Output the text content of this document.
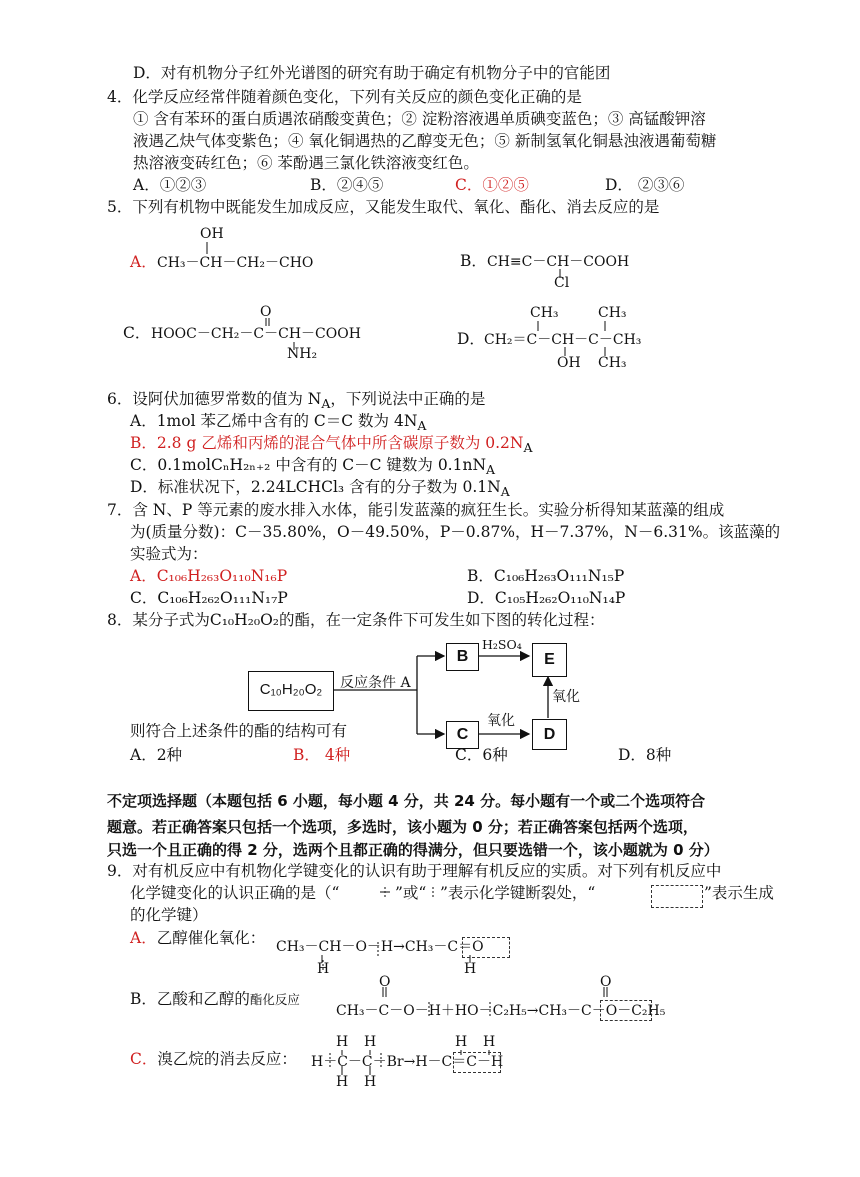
D．对有机物分子红外光谱图的研究有助于确定有机物分子中的官能团
4．化学反应经常伴随着颜色变化，下列有关反应的颜色变化正确的是
① 含有苯环的蛋白质遇浓硝酸变黄色；② 淀粉溶液遇单质碘变蓝色；③ 高锰酸钾溶
液遇乙炔气体变紫色；④ 氧化铜遇热的乙醇变无色；⑤ 新制氢氧化铜悬浊液遇葡萄糖
热溶液变砖红色；⑥ 苯酚遇三氯化铁溶液变红色。
A．①②③	B．②④⑤	C．①②⑤	D． ②③⑥
5．下列有机物中既能发生加成反应，又能发生取代、氧化、酯化、消去反应的是
OH
A． CH₃－CH－CH₂－CHO	B． CH≡C－CH－COOH
Cl
O
C． HOOC－CH₂－C－CH－COOH
NH₂
CH₃	CH₃
D． CH₂＝C－CH－C－CH₃
OH CH₃
6．设阿伏加德罗常数的值为 $N_A$，下列说法中正确的是
A．1mol 苯乙烯中含有的 C＝C 数为 $4N_A$
B．2.8 g 乙烯和丙烯的混合气体中所含碳原子数为 $0.2N_A$
C．0.1molCₙH₂ₙ₊₂ 中含有的 C－C 键数为 $0.1nN_A$
D．标准状况下，2.24LCHCl₃ 含有的分子数为 $0.1N_A$
7．含 N、P 等元素的废水排入水体，能引发蓝藻的疯狂生长。实验分析得知某蓝藻的组成
为(质量分数)：C－35.80%，O－49.50%，P－0.87%，H－7.37%，N－6.31%。该蓝藻的
实验式为：
A．C₁₀₆H₂₆₃O₁₁₀N₁₆P	B．C₁₀₆H₂₆₃O₁₁₁N₁₅P
C．C₁₀₆H₂₆₂O₁₁₁N₁₇P	D．C₁₀₅H₂₆₂O₁₁₀N₁₄P
8．某分子式为C₁₀H₂₀O₂的酯，在一定条件下可发生如下图的转化过程：
C₁₀H₂₀O₂	反应条件 A
B
C
E
D
H₂SO₄
氧化
氧化
则符合上述条件的酯的结构可有
A．2种	B． 4种	C．6种	D．8种
不定项选择题（本题包括 6 小题，每小题 4 分，共 24 分。每小题有一个或二个选项符合
题意。若正确答案只包括一个选项，多选时，该小题为 0 分；若正确答案包括两个选项，
只选一个且正确的得 2 分，选两个且都正确的得满分，但只要选错一个，该小题就为 0 分）
9．对有机反应中有机物化学键变化的认识有助于理解有机反应的实质。对下列有机反应中
化学键变化的认识正确的是（“	”或“ ”表示化学键断裂处，“	”表示生成
的化学键）
A．乙醇催化氧化： CH₃－CH－O－H→CH₃－C＝O
H	H
O	O
B．乙酸和乙醇的酯化反应
CH₃－C－O－H＋HO－C₂H₅→CH₃－C－O－C₂H₅
H H	H H
C．溴乙烷的消去反应： H－C－C－Br→H－C＝C－H
H H
